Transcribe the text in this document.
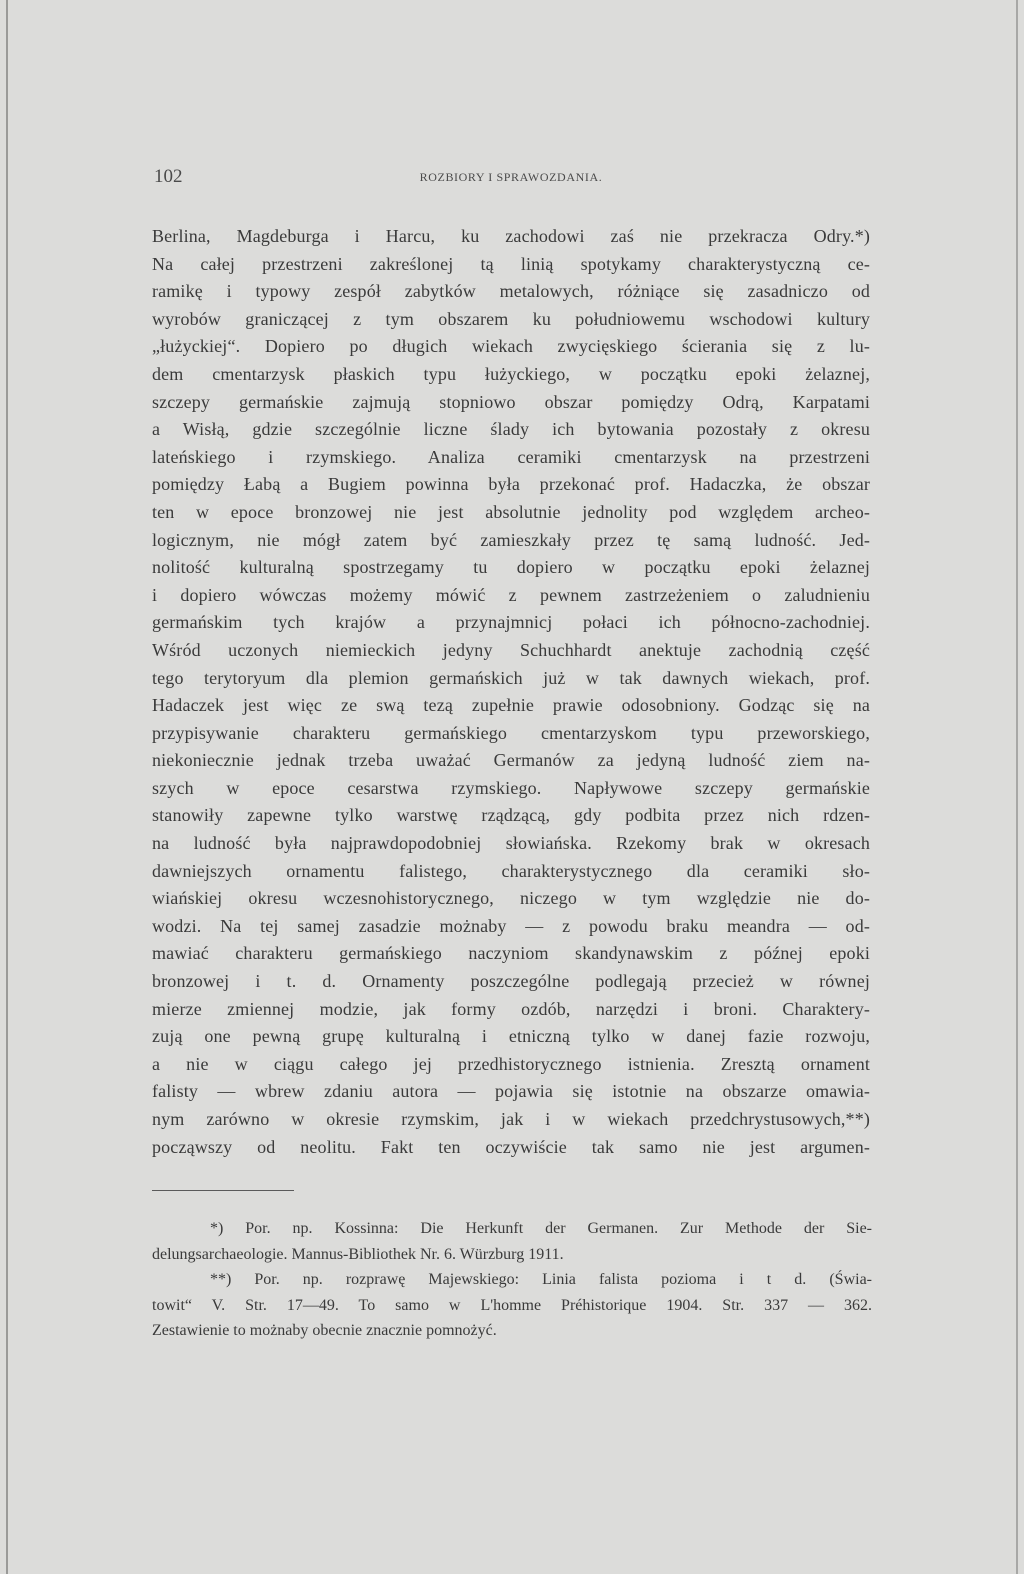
102	ROZBIORY I SPRAWOZDANIA.
Berlina, Magdeburga i Harcu, ku zachodowi zaś nie przekracza Odry.*)
Na całej przestrzeni zakreślonej tą linią spotykamy charakterystyczną ce-
ramikę i typowy zespół zabytków metalowych, różniące się zasadniczo od
wyrobów graniczącej z tym obszarem ku południowemu wschodowi kultury
„łużyckiej“. Dopiero po długich wiekach zwycięskiego ścierania się z lu-
dem cmentarzysk płaskich typu łużyckiego, w początku epoki żelaznej,
szczepy germańskie zajmują stopniowo obszar pomiędzy Odrą, Karpatami
a Wisłą, gdzie szczególnie liczne ślady ich bytowania pozostały z okresu
lateńskiego i rzymskiego. Analiza ceramiki cmentarzysk na przestrzeni
pomiędzy Łabą a Bugiem powinna była przekonać prof. Hadaczka, że obszar
ten w epoce bronzowej nie jest absolutnie jednolity pod względem archeo-
logicznym, nie mógł zatem być zamieszkały przez tę samą ludność. Jed-
nolitość kulturalną spostrzegamy tu dopiero w początku epoki żelaznej
i dopiero wówczas możemy mówić z pewnem zastrzeżeniem o zaludnieniu
germańskim tych krajów a przynajmnicj połaci ich północno-zachodniej.
Wśród uczonych niemieckich jedyny Schuchhardt anektuje zachodnią część
tego terytoryum dla plemion germańskich już w tak dawnych wiekach, prof.
Hadaczek jest więc ze swą tezą zupełnie prawie odosobniony. Godząc się na
przypisywanie charakteru germańskiego cmentarzyskom typu przeworskiego,
niekoniecznie jednak trzeba uważać Germanów za jedyną ludność ziem na-
szych w epoce cesarstwa rzymskiego. Napływowe szczepy germańskie
stanowiły zapewne tylko warstwę rządzącą, gdy podbita przez nich rdzen-
na ludność była najprawdopodobniej słowiańska. Rzekomy brak w okresach
dawniejszych ornamentu falistego, charakterystycznego dla ceramiki sło-
wiańskiej okresu wczesnohistorycznego, niczego w tym względzie nie do-
wodzi. Na tej samej zasadzie możnaby — z powodu braku meandra — od-
mawiać charakteru germańskiego naczyniom skandynawskim z późnej epoki
bronzowej i t. d. Ornamenty poszczególne podlegają przecież w równej
mierze zmiennej modzie, jak formy ozdób, narzędzi i broni. Charaktery-
zują one pewną grupę kulturalną i etniczną tylko w danej fazie rozwoju,
a nie w ciągu całego jej przedhistorycznego istnienia. Zresztą ornament
falisty — wbrew zdaniu autora — pojawia się istotnie na obszarze omawia-
nym zarówno w okresie rzymskim, jak i w wiekach przedchrystusowych,**)
począwszy od neolitu. Fakt ten oczywiście tak samo nie jest argumen-
*) Por. np. Kossinna: Die Herkunft der Germanen. Zur Methode der Sie-
delungsarchaeologie. Mannus-Bibliothek Nr. 6. Würzburg 1911.
**) Por. np. rozprawę Majewskiego: Linia falista pozioma i t d. (Świa-
towit“ V. Str. 17—49. To samo w L'homme Préhistorique 1904. Str. 337 — 362.
Zestawienie to możnaby obecnie znacznie pomnożyć.
